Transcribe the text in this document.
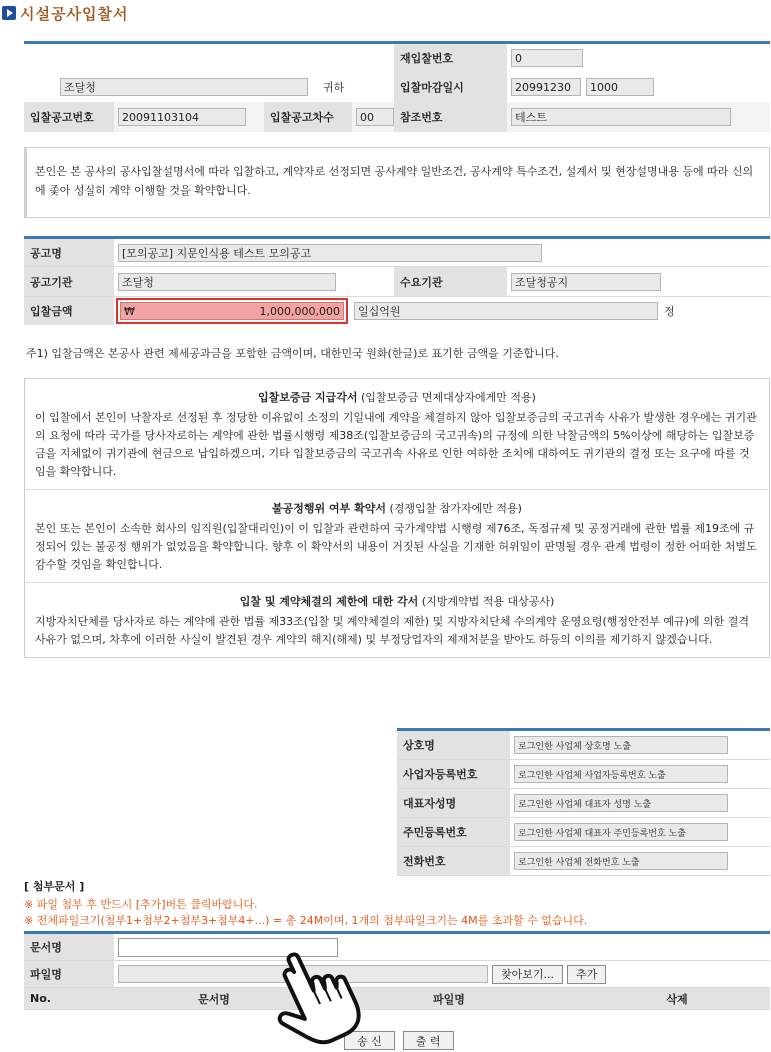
시설공사입찰서
재입찰번호	0
조달청	귀하	입찰마감일시	20991230	1000
입찰공고번호	20091103104	입찰공고차수	00	참조번호	테스트
본인은 본 공사의 공사입찰설명서에 따라 입찰하고, 계약자로 선정되면 공사계약 일반조건, 공사계약 특수조건, 설계서 및 현장설명내용 등에 따라 신의에 좇아 성실히 계약 이행할 것을 확약합니다.
공고명	[모의공고] 지문인식용 테스트 모의공고
공고기관	조달청	수요기관	조달청공지
입찰금액	₩	1,000,000,000	일십억원	정
주1) 입찰금액은 본공사 관련 제세공과금을 포함한 금액이며, 대한민국 원화(한글)로 표기한 금액을 기준합니다.
입찰보증금 지급각서 (입찰보증금 면제대상자에게만 적용)
이 입찰에서 본인이 낙찰자로 선정된 후 정당한 이유없이 소정의 기일내에 계약을 체결하지 않아 입찰보증금의 국고귀속 사유가 발생한 경우에는 귀기관의 요청에 따라 국가를 당사자로하는 계약에 관한 법률시행령 제38조(입찰보증금의 국고귀속)의 규정에 의한 낙찰금액의 5%이상에 해당하는 입찰보증금을 지체없이 귀기관에 현금으로 납입하겠으며, 기타 입찰보증금의 국고귀속 사유로 인한 여하한 조치에 대하여도 귀기관의 결정 또는 요구에 따를 것임을 확약합니다.
불공정행위 여부 확약서 (경쟁입찰 참가자에만 적용)
본인 또는 본인이 소속한 회사의 임직원(입찰대리인)이 이 입찰과 관련하여 국가계약법 시행령 제76조, 독점규제 및 공정거래에 관한 법률 제19조에 규정되어 있는 불공정 행위가 없었음을 확약합니다. 향후 이 확약서의 내용이 거짓된 사실을 기재한 허위임이 판명될 경우 관계 법령이 정한 어떠한 처벌도 감수할 것임을 확인합니다.
입찰 및 계약체결의 제한에 대한 각서 (지방계약법 적용 대상공사)
지방자치단체를 당사자로 하는 계약에 관한 법률 제33조(입찰 및 계약체결의 제한) 및 지방자치단체 수의계약 운영요령(행정안전부 예규)에 의한 결격사유가 없으며, 차후에 이러한 사실이 발견된 경우 계약의 해지(해제) 및 부정당업자의 제재처분을 받아도 하등의 이의를 제기하지 않겠습니다.
상호명	로그인한 사업체 상호명 노출
사업자등록번호	로그인한 사업체 사업자등록번호 노출
대표자성명	로그인한 사업체 대표자 성명 노출
주민등록번호	로그인한 사업체 대표자 주민등록번호 노출
전화번호	로그인한 사업체 전화번호 노출
[ 첨부문서 ]
※ 파일 첨부 후 반드시 [추가]버튼 클릭바랍니다.
※ 전체파일크기(첨부1+첨부2+첨부3+첨부4+...) = 총 24M이며, 1개의 첨부파일크기는 4M를 초과할 수 없습니다.
문서명
파일명	찾아보기...	추가
No.	문서명	파일명	삭제
송 신	출 력
